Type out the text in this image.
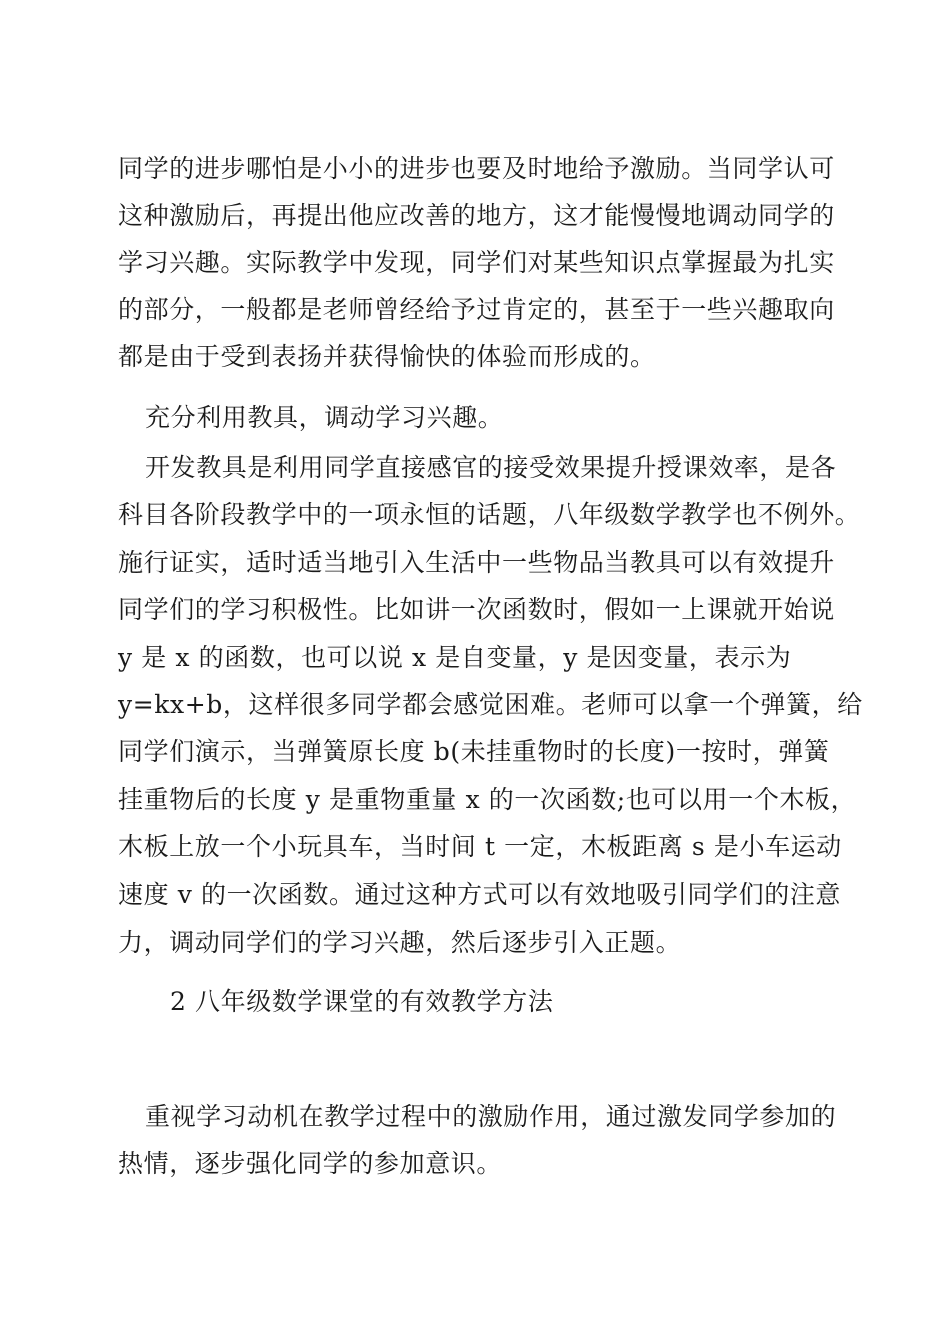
同学的进步哪怕是小小的进步也要及时地给予激励。当同学认可
这种激励后，再提出他应改善的地方，这才能慢慢地调动同学的
学习兴趣。实际教学中发现，同学们对某些知识点掌握最为扎实
的部分，一般都是老师曾经给予过肯定的，甚至于一些兴趣取向
都是由于受到表扬并获得愉快的体验而形成的。
充分利用教具，调动学习兴趣。
开发教具是利用同学直接感官的接受效果提升授课效率，是各
科目各阶段教学中的一项永恒的话题，八年级数学教学也不例外。
施行证实，适时适当地引入生活中一些物品当教具可以有效提升
同学们的学习积极性。比如讲一次函数时，假如一上课就开始说
y 是 x 的函数，也可以说 x 是自变量，y 是因变量，表示为
y=kx+b，这样很多同学都会感觉困难。老师可以拿一个弹簧，给
同学们演示，当弹簧原长度 b(未挂重物时的长度)一按时，弹簧
挂重物后的长度 y 是重物重量 x 的一次函数;也可以用一个木板，
木板上放一个小玩具车，当时间 t 一定，木板距离 s 是小车运动
速度 v 的一次函数。通过这种方式可以有效地吸引同学们的注意
力，调动同学们的学习兴趣，然后逐步引入正题。
2 八年级数学课堂的有效教学方法
重视学习动机在教学过程中的激励作用，通过激发同学参加的
热情，逐步强化同学的参加意识。
